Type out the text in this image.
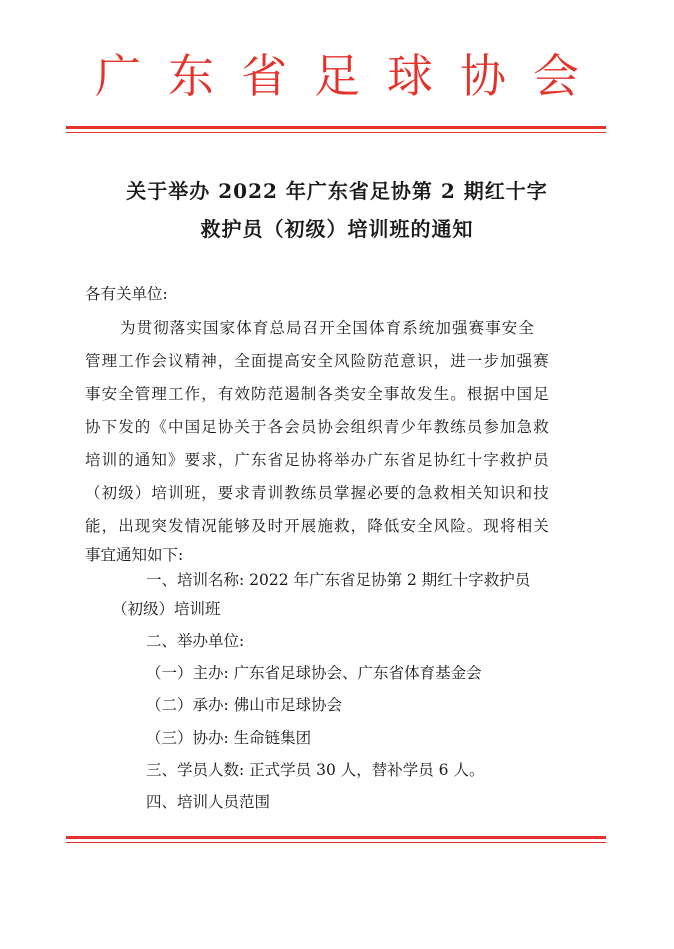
广东省足球协会
关于举办 2022 年广东省足协第 2 期红十字
救护员（初级）培训班的通知
各有关单位:
为贯彻落实国家体育总局召开全国体育系统加强赛事安全
管理工作会议精神，全面提高安全风险防范意识，进一步加强赛
事安全管理工作，有效防范遏制各类安全事故发生。根据中国足
协下发的《中国足协关于各会员协会组织青少年教练员参加急救
培训的通知》要求，广东省足协将举办广东省足协红十字救护员
（初级）培训班，要求青训教练员掌握必要的急救相关知识和技
能，出现突发情况能够及时开展施救，降低安全风险。现将相关
事宜通知如下:
一、培训名称: 2022 年广东省足协第 2 期红十字救护员
（初级）培训班
二、举办单位:
（一）主办: 广东省足球协会、广东省体育基金会
（二）承办: 佛山市足球协会
（三）协办: 生命链集团
三、学员人数: 正式学员 30 人，替补学员 6 人。
四、培训人员范围
